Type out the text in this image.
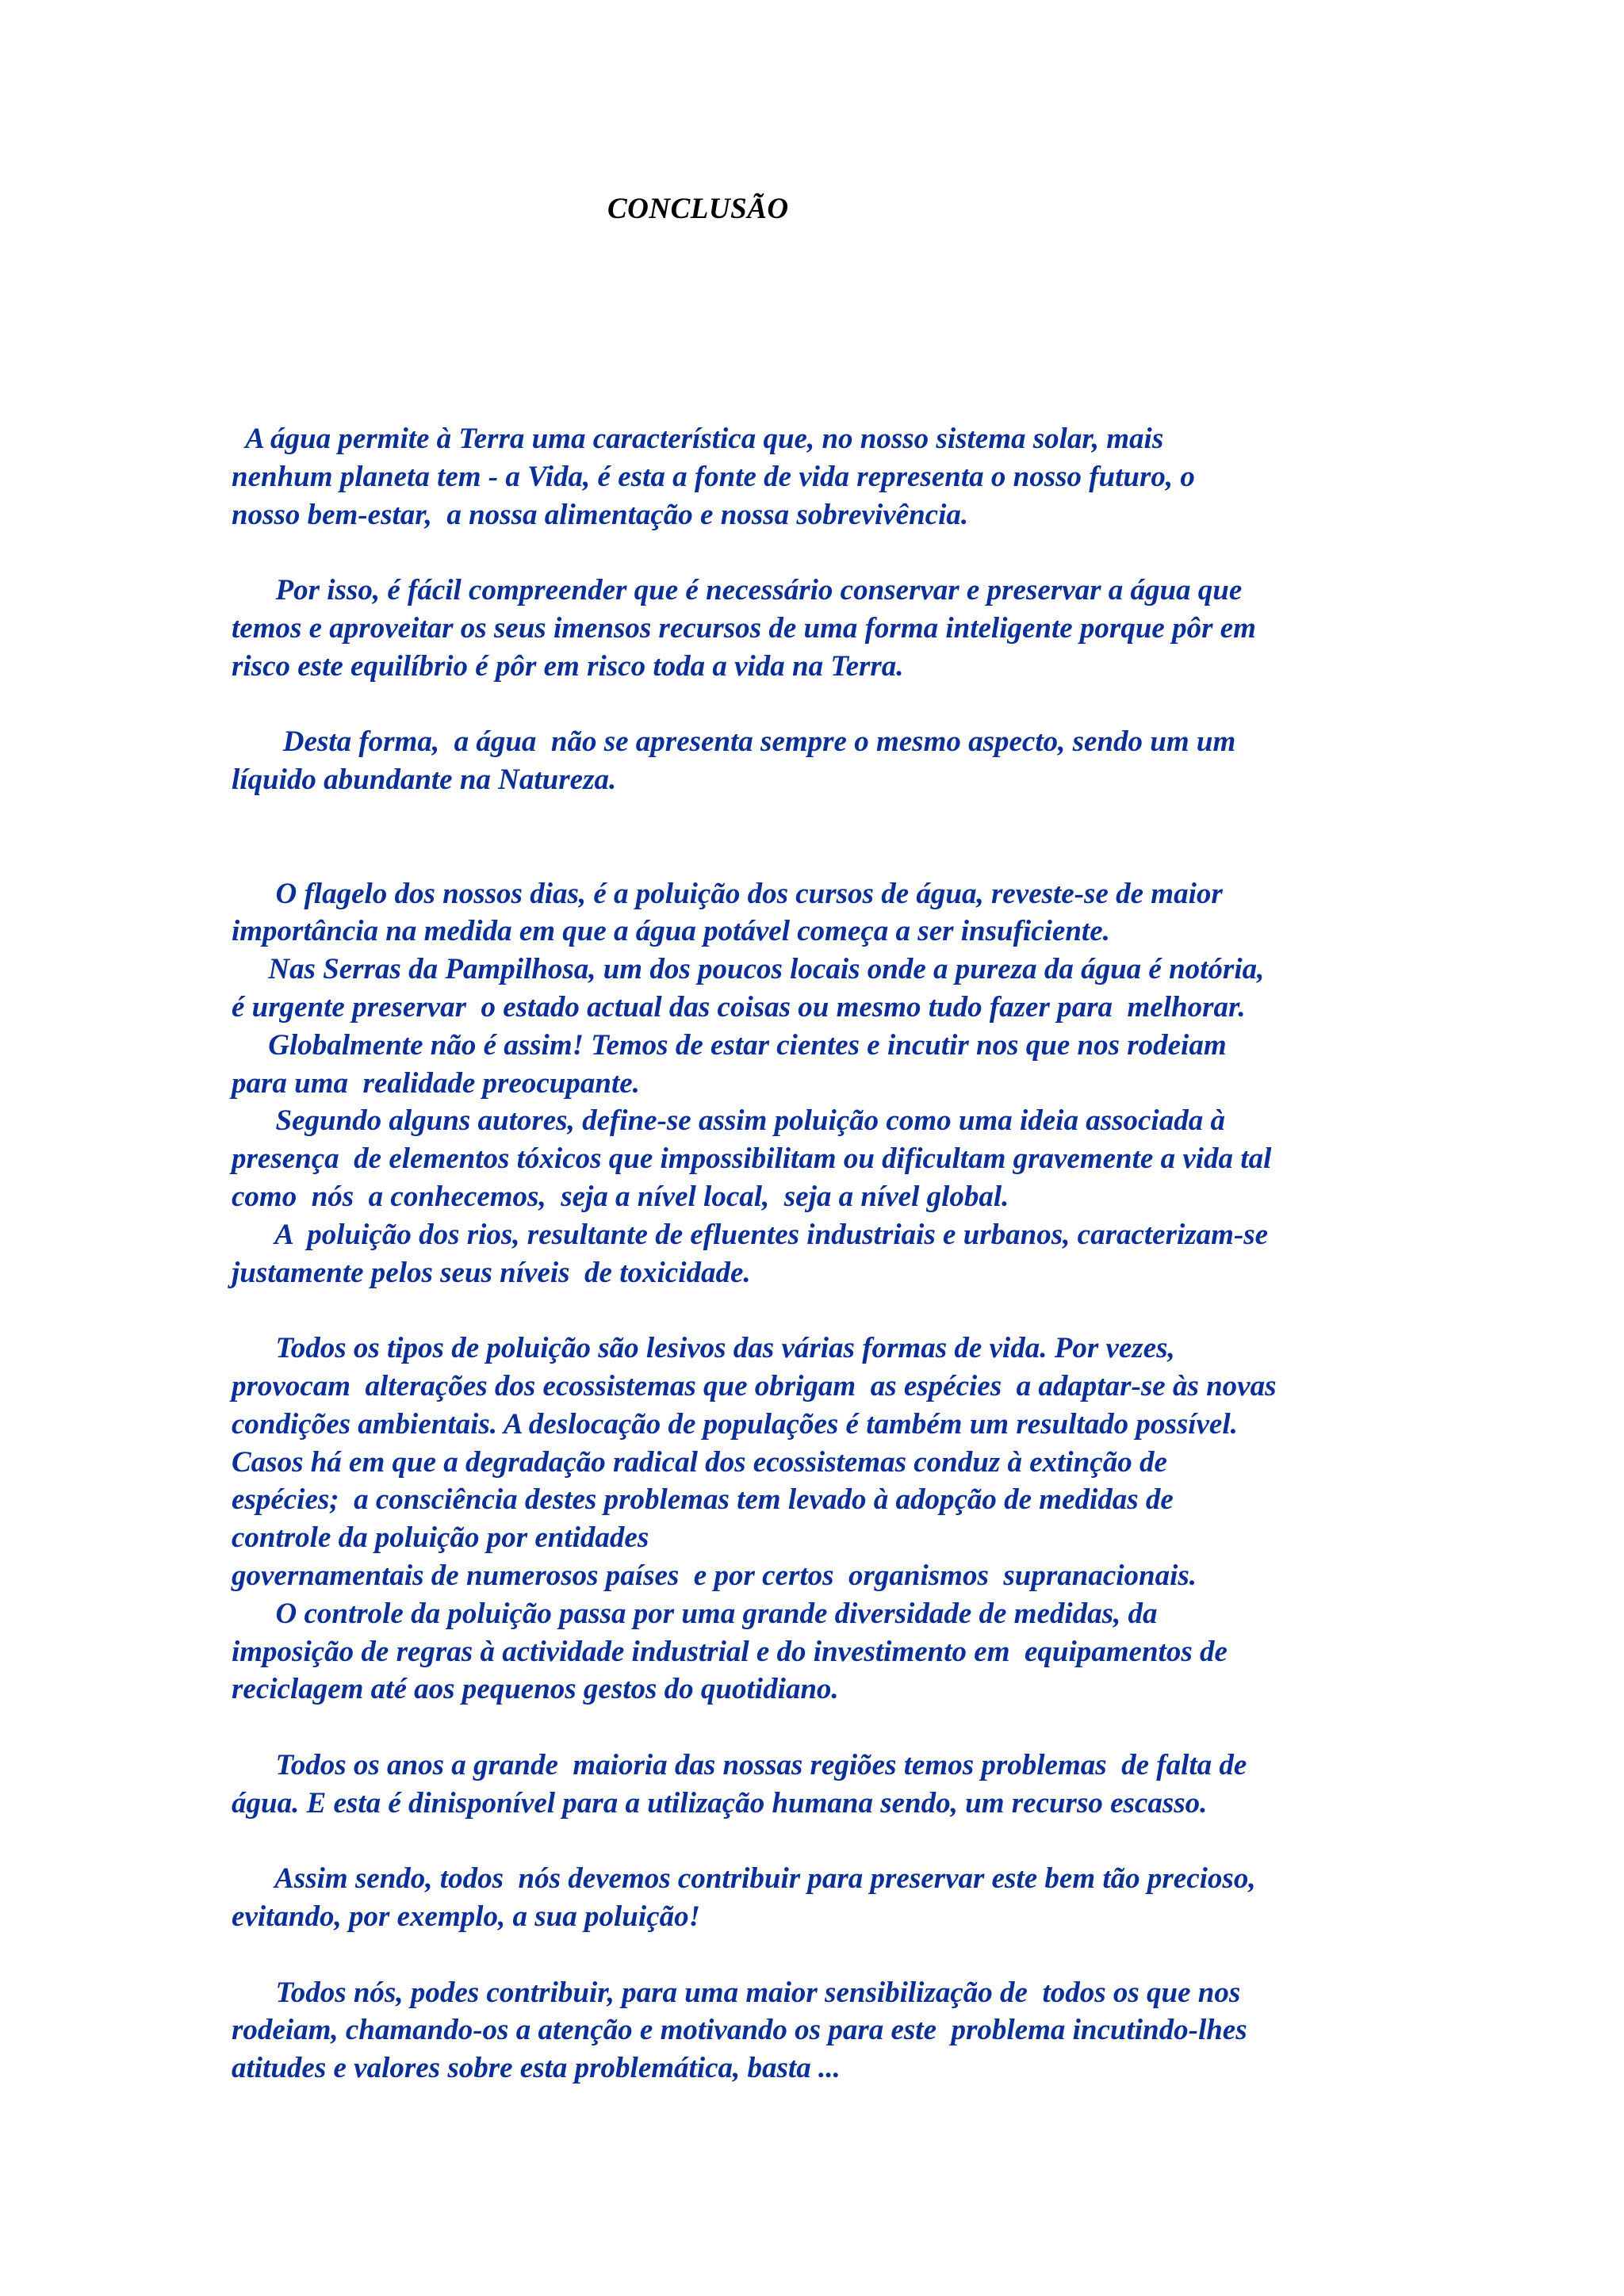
CONCLUSÃO
A água permite à Terra uma característica que, no nosso sistema solar, mais
nenhum planeta tem - a Vida, é esta a fonte de vida representa o nosso futuro, o
nosso bem-estar,  a nossa alimentação e nossa sobrevivência.
Por isso, é fácil compreender que é necessário conservar e preservar a água que
temos e aproveitar os seus imensos recursos de uma forma inteligente porque pôr em
risco este equilíbrio é pôr em risco toda a vida na Terra.
Desta forma,  a água  não se apresenta sempre o mesmo aspecto, sendo um um
líquido abundante na Natureza.
O flagelo dos nossos dias, é a poluição dos cursos de água, reveste-se de maior
importância na medida em que a água potável começa a ser insuficiente.
Nas Serras da Pampilhosa, um dos poucos locais onde a pureza da água é notória,
é urgente preservar  o estado actual das coisas ou mesmo tudo fazer para  melhorar.
Globalmente não é assim! Temos de estar cientes e incutir nos que nos rodeiam
para uma  realidade preocupante.
Segundo alguns autores, define-se assim poluição como uma ideia associada à
presença  de elementos tóxicos que impossibilitam ou dificultam gravemente a vida tal
como  nós  a conhecemos,  seja a nível local,  seja a nível global.
A  poluição dos rios, resultante de efluentes industriais e urbanos, caracterizam-se
justamente pelos seus níveis  de toxicidade.
Todos os tipos de poluição são lesivos das várias formas de vida. Por vezes,
provocam  alterações dos ecossistemas que obrigam  as espécies  a adaptar-se às novas
condições ambientais. A deslocação de populações é também um resultado possível.
Casos há em que a degradação radical dos ecossistemas conduz à extinção de
espécies;  a consciência destes problemas tem levado à adopção de medidas de
controle da poluição por entidades
governamentais de numerosos países  e por certos  organismos  supranacionais.
O controle da poluição passa por uma grande diversidade de medidas, da
imposição de regras à actividade industrial e do investimento em  equipamentos de
reciclagem até aos pequenos gestos do quotidiano.
Todos os anos a grande  maioria das nossas regiões temos problemas  de falta de
água. E esta é dinisponível para a utilização humana sendo, um recurso escasso.
Assim sendo, todos  nós devemos contribuir para preservar este bem tão precioso,
evitando, por exemplo, a sua poluição!
Todos nós, podes contribuir, para uma maior sensibilização de  todos os que nos
rodeiam, chamando-os a atenção e motivando os para este  problema incutindo-lhes
atitudes e valores sobre esta problemática, basta ...
